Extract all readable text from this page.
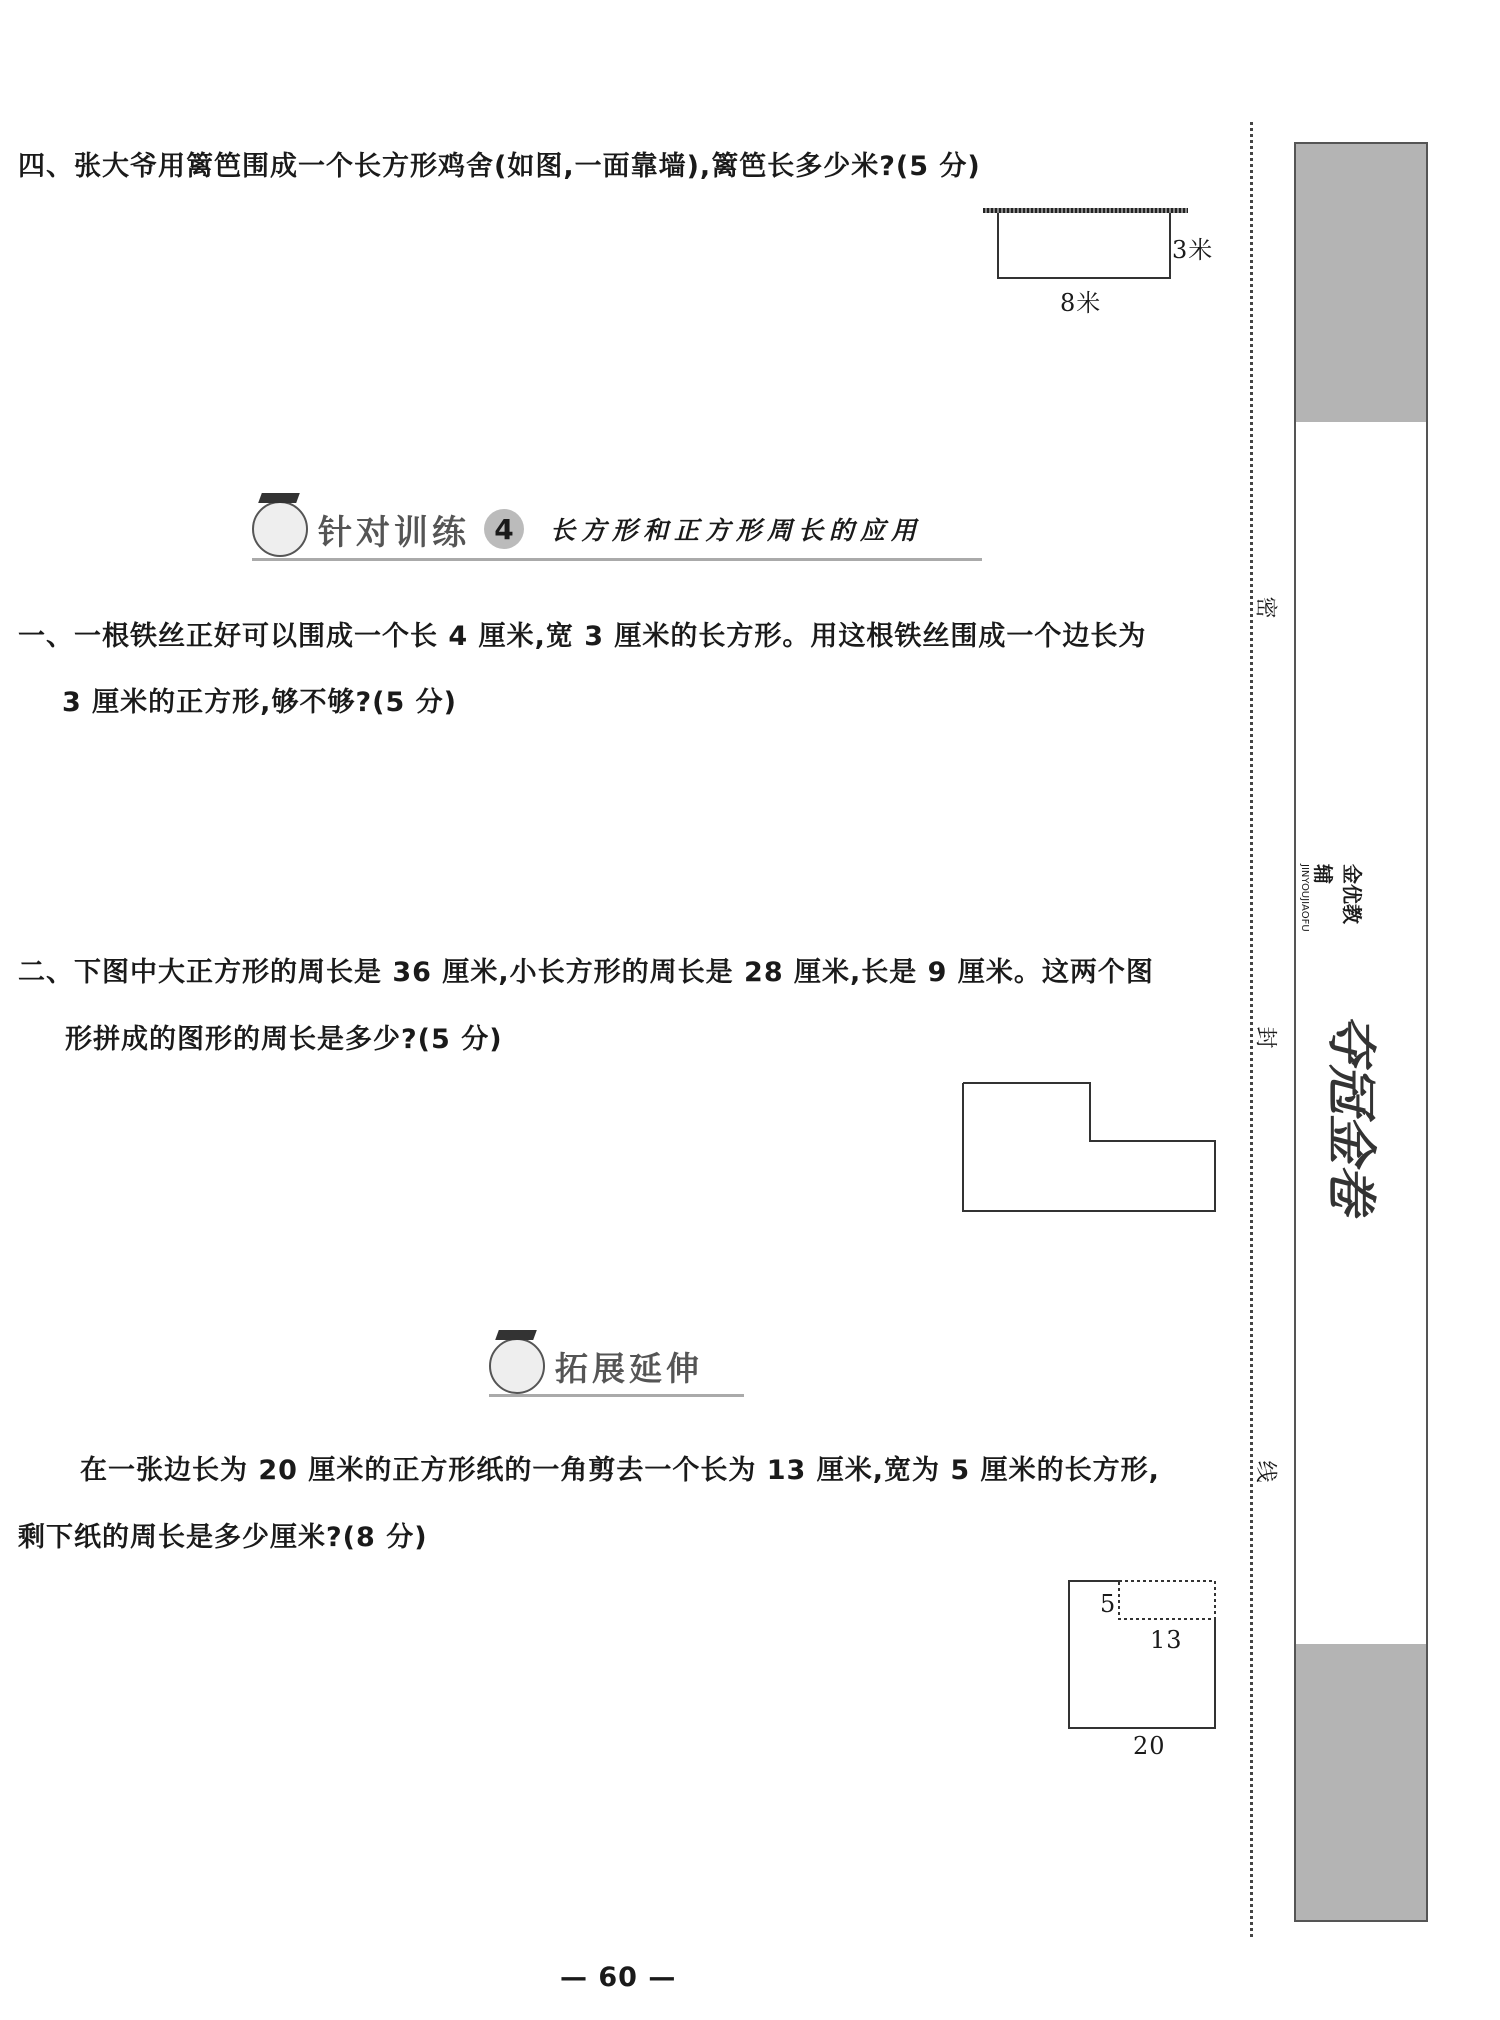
四、张大爷用篱笆围成一个长方形鸡舍(如图,一面靠墙),篱笆长多少米?(5 分)
3米
8米
针对训练 4	长方形和正方形周长的应用
一、一根铁丝正好可以围成一个长 4 厘米,宽 3 厘米的长方形。用这根铁丝围成一个边长为
3 厘米的正方形,够不够?(5 分)
二、下图中大正方形的周长是 36 厘米,小长方形的周长是 28 厘米,长是 9 厘米。这两个图
形拼成的图形的周长是多少?(5 分)
拓展延伸
在一张边长为 20 厘米的正方形纸的一角剪去一个长为 13 厘米,宽为 5 厘米的长方形,
剩下纸的周长是多少厘米?(8 分)
5
13
20
密
封
线
金优教辅
JINYOUJIAOFU
夺冠金卷
— 60 —
